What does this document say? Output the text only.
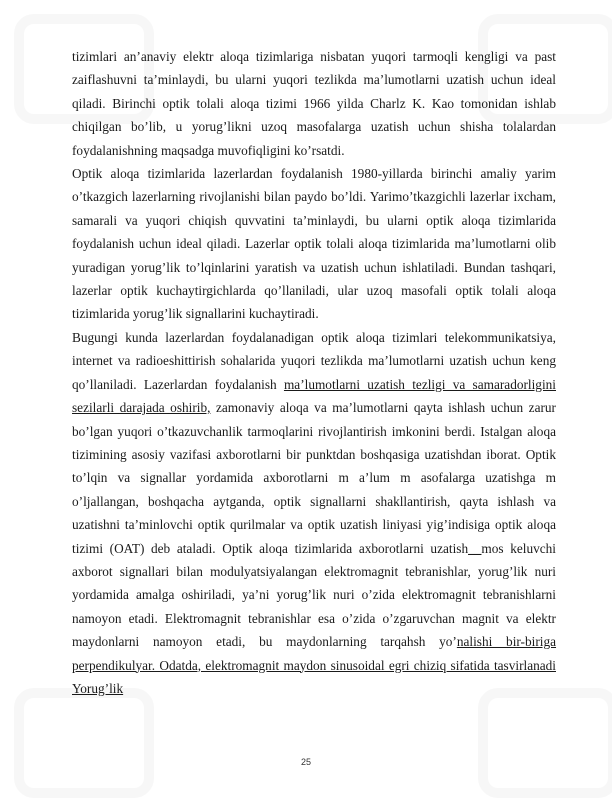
tizimlari an’anaviy elektr aloqa tizimlariga nisbatan yuqori tarmoqli kengligi va past zaiflashuvni ta’minlaydi, bu ularni yuqori tezlikda ma’lumotlarni uzatish uchun ideal qiladi. Birinchi optik tolali aloqa tizimi 1966 yilda Charlz K. Kao tomonidan ishlab chiqilgan bo’lib, u yorug’likni uzoq masofalarga uzatish uchun shisha tolalardan foydalanishning maqsadga muvofiqligini ko’rsatdi.

Optik aloqa tizimlarida lazerlardan foydalanish 1980-yillarda birinchi amaliy yarim o’tkazgich lazerlarning rivojlanishi bilan paydo bo’ldi. Yarimo’tkazgichli lazerlar ixcham, samarali va yuqori chiqish quvvatini ta’minlaydi, bu ularni optik aloqa tizimlarida foydalanish uchun ideal qiladi. Lazerlar optik tolali aloqa tizimlarida ma’lumotlarni olib yuradigan yorug’lik to’lqinlarini yaratish va uzatish uchun ishlatiladi. Bundan tashqari, lazerlar optik kuchaytirgichlarda qo’llaniladi, ular uzoq masofali optik tolali aloqa tizimlarida yorug’lik signallarini kuchaytiradi.

Bugungi kunda lazerlardan foydalanadigan optik aloqa tizimlari telekommunikatsiya, internet va radioeshittirish sohalarida yuqori tezlikda ma’lumotlarni uzatish uchun keng qo’llaniladi. Lazerlardan foydalanish ma’lumotlarni uzatish tezligi va samaradorligini sezilarli darajada oshirib, zamonaviy aloqa va ma’lumotlarni qayta ishlash uchun zarur bo’lgan yuqori o’tkazuvchanlik tarmoqlarini rivojlantirish imkonini berdi. Istalgan aloqa tizimining asosiy vazifasi axborotlarni bir punktdan boshqasiga uzatishdan iborat. Optik to’lqin va signallar yordamida axborotlarni m a’lum m asofalarga uzatishga m o’ljallangan, boshqacha aytganda, optik signallarni shakllantirish, qayta ishlash va uzatishni ta’minlovchi optik qurilmalar va optik uzatish liniyasi yig’indisiga optik aloqa tizimi (OAT) deb ataladi. Optik aloqa tizimlarida axborotlarni uzatish__mos keluvchi axborot signallari bilan modulyatsiyalangan elektromagnit tebranishlar, yorug’lik nuri yordamida amalga oshiriladi, ya’ni yorug’lik nuri o’zida elektromagnit tebranishlarni namoyon etadi. Elektromagnit tebranishlar esa o’zida o’zgaruvchan magnit va elektr maydonlarni namoyon etadi, bu maydonlarning tarqahsh yo’nalishi bir-biriga perpendikulyar. Odatda, elektromagnit maydon sinusoidal egri chiziq sifatida tasvirlanadi Yorug’lik

25
